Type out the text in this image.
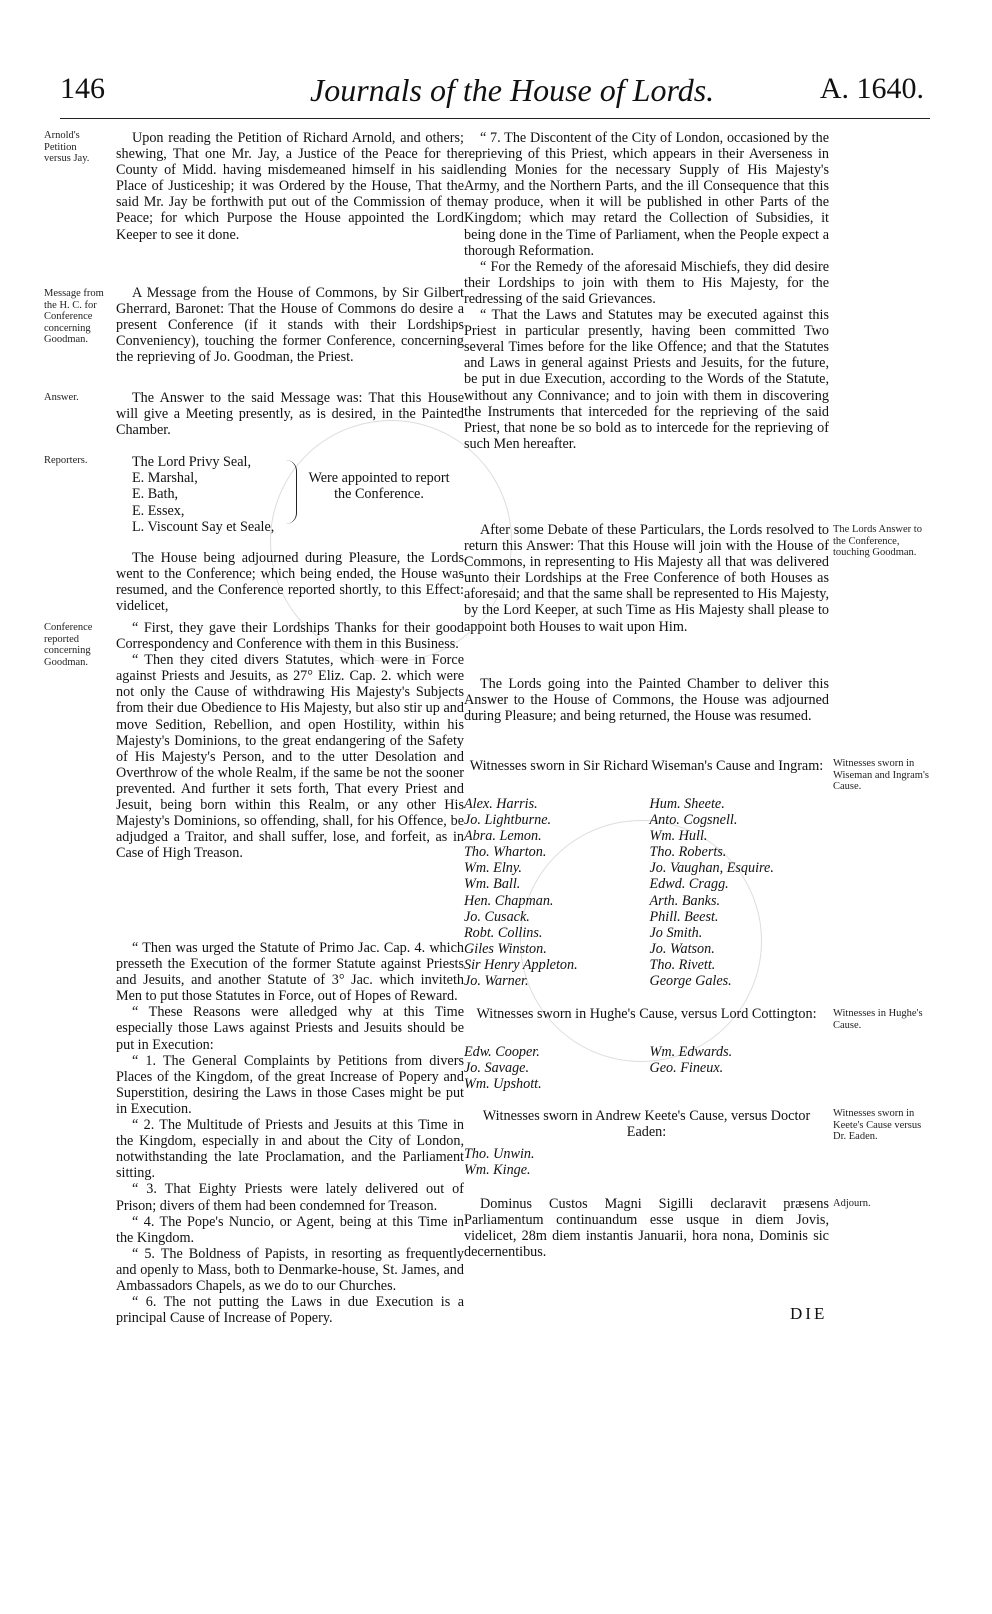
146	Journals of the House of Lords.	A. 1640.
Arnold's Petition versus Jay.
Message from the H. C. for Conference concerning Goodman.
Answer.
Reporters.
Conference reported concerning Goodman.
The Lords Answer to the Conference, touching Goodman.
Witnesses sworn in Wiseman and Ingram's Cause.
Witnesses in Hughe's Cause.
Witnesses sworn in Keete's Cause versus Dr. Eaden.
Adjourn.

Upon reading the Petition of Richard Arnold, and others; shewing, That one Mr. Jay, a Justice of the Peace for the County of Midd. having misdemeaned himself in his said Place of Justiceship; it was Ordered by the House, That the said Mr. Jay be forthwith put out of the Commission of the Peace; for which Purpose the House appointed the Lord Keeper to see it done.

A Message from the House of Commons, by Sir Gilbert Gherrard, Baronet: That the House of Commons do desire a present Conference (if it stands with their Lordships Conveniency), touching the former Conference, concerning the reprieving of Jo. Goodman, the Priest.

The Answer to the said Message was: That this House will give a Meeting presently, as is desired, in the Painted Chamber.

The Lord Privy Seal,
E. Marshal,
E. Bath,
E. Essex,
L. Viscount Say et Seale,
Were appointed to report the Conference.

The House being adjourned during Pleasure, the Lords went to the Conference; which being ended, the House was resumed, and the Conference reported shortly, to this Effect: videlicet,

“ First, they gave their Lordships Thanks for their good Correspondency and Conference with them in this Business.

“ Then they cited divers Statutes, which were in Force against Priests and Jesuits, as 27° Eliz. Cap. 2. which were not only the Cause of withdrawing His Majesty's Subjects from their due Obedience to His Majesty, but also stir up and move Sedition, Rebellion, and open Hostility, within his Majesty's Dominions, to the great endangering of the Safety of His Majesty's Person, and to the utter Desolation and Overthrow of the whole Realm, if the same be not the sooner prevented. And further it sets forth, That every Priest and Jesuit, being born within this Realm, or any other His Majesty's Dominions, so offending, shall, for his Offence, be adjudged a Traitor, and shall suffer, lose, and forfeit, as in Case of High Treason.

“ Then was urged the Statute of Primo Jac. Cap. 4. which presseth the Execution of the former Statute against Priests and Jesuits, and another Statute of 3° Jac. which inviteth Men to put those Statutes in Force, out of Hopes of Reward.

“ These Reasons were alledged why at this Time especially those Laws against Priests and Jesuits should be put in Execution:

“ 1. The General Complaints by Petitions from divers Places of the Kingdom, of the great Increase of Popery and Superstition, desiring the Laws in those Cases might be put in Execution.

“ 2. The Multitude of Priests and Jesuits at this Time in the Kingdom, especially in and about the City of London, notwithstanding the late Proclamation, and the Parliament sitting.

“ 3. That Eighty Priests were lately delivered out of Prison; divers of them had been condemned for Treason.

“ 4. The Pope's Nuncio, or Agent, being at this Time in the Kingdom.

“ 5. The Boldness of Papists, in resorting as frequently and openly to Mass, both to Denmarke-house, St. James, and Ambassadors Chapels, as we do to our Churches.

“ 6. The not putting the Laws in due Execution is a principal Cause of Increase of Popery.

“ 7. The Discontent of the City of London, occasioned by the reprieving of this Priest, which appears in their Averseness in lending Monies for the necessary Supply of His Majesty's Army, and the Northern Parts, and the ill Consequence that this may produce, when it will be published in other Parts of the Kingdom; which may retard the Collection of Subsidies, it being done in the Time of Parliament, when the People expect a thorough Reformation.

“ For the Remedy of the aforesaid Mischiefs, they did desire their Lordships to join with them to His Majesty, for the redressing of the said Grievances.

“ That the Laws and Statutes may be executed against this Priest in particular presently, having been committed Two several Times before for the like Offence; and that the Statutes and Laws in general against Priests and Jesuits, for the future, be put in due Execution, according to the Words of the Statute, without any Connivance; and to join with them in discovering the Instruments that interceded for the reprieving of the said Priest, that none be so bold as to intercede for the reprieving of such Men hereafter.

After some Debate of these Particulars, the Lords resolved to return this Answer: That this House will join with the House of Commons, in representing to His Majesty all that was delivered unto their Lordships at the Free Conference of both Houses as aforesaid; and that the same shall be represented to His Majesty, by the Lord Keeper, at such Time as His Majesty shall please to appoint both Houses to wait upon Him.

The Lords going into the Painted Chamber to deliver this Answer to the House of Commons, the House was adjourned during Pleasure; and being returned, the House was resumed.

Witnesses sworn in Sir Richard Wiseman's Cause and Ingram:
Alex. Harris.	Hum. Sheete.
Jo. Lightburne.	Anto. Cogsnell.
Abra. Lemon.	Wm. Hull.
Tho. Wharton.	Tho. Roberts.
Wm. Elny.	Jo. Vaughan, Esquire.
Wm. Ball.	Edwd. Cragg.
Hen. Chapman.	Arth. Banks.
Jo. Cusack.	Phill. Beest.
Robt. Collins.	Jo Smith.
Giles Winston.	Jo. Watson.
Sir Henry Appleton.	Tho. Rivett.
Jo. Warner.	George Gales.
Witnesses sworn in Hughe's Cause, versus Lord Cottington:
Edw. Cooper.	Wm. Edwards.
Jo. Savage.	Geo. Fineux.
Wm. Upshott.
Witnesses sworn in Andrew Keete's Cause, versus Doctor Eaden:
Tho. Unwin.
Wm. Kinge.

Dominus Custos Magni Sigilli declaravit præsens Parliamentum continuandum esse usque in diem Jovis, videlicet, 28m diem instantis Januarii, hora nona, Dominis sic decernentibus.

DIE
